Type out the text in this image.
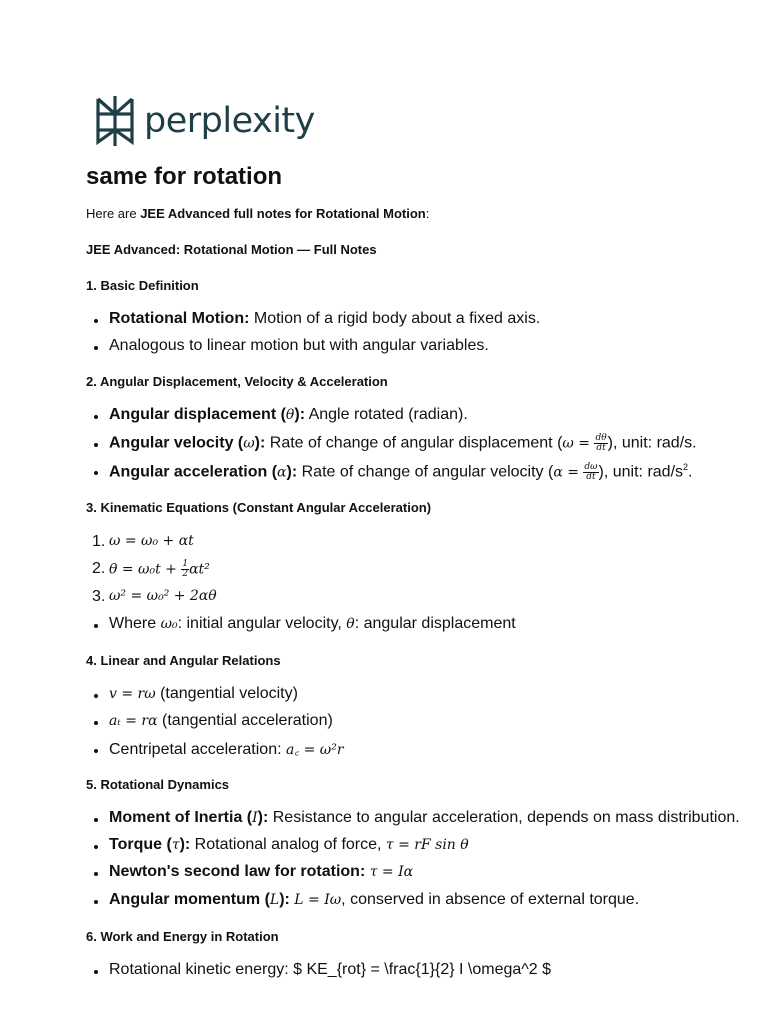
perplexity
same for rotation

Here are JEE Advanced full notes for Rotational Motion:

JEE Advanced: Rotational Motion — Full Notes

1. Basic Definition

Rotational Motion: Motion of a rigid body about a fixed axis.
Analogous to linear motion but with angular variables.

2. Angular Displacement, Velocity & Acceleration

Angular displacement (θ): Angle rotated (radian).
Angular velocity (ω): Rate of change of angular displacement ($\omega = \frac{d\theta}{dt}$ ), unit: rad/s.
Angular acceleration (α): Rate of change of angular velocity ($\alpha = \frac{d\omega}{dt}$ ), unit: rad/$s^2$.

3. Kinematic Equations (Constant Angular Acceleration)

1. ω = ω₀ + αt
2. $\theta = \omega_0t + \frac{1}{2} \alpha t^2$
3. ω² = ω₀² + 2αθ
Where ω₀: initial angular velocity, θ: angular displacement

4. Linear and Angular Relations

v = rω (tangential velocity)
aₜ = rα (tangential acceleration)
Centripetal acceleration: a꜀ = ω²r

5. Rotational Dynamics

Moment of Inertia (I): Resistance to angular acceleration, depends on mass distribution.
Torque (τ): Rotational analog of force, τ = rF sin θ
Newton's second law for rotation: τ = Iα
Angular momentum (L): L = Iω, conserved in absence of external torque.

6. Work and Energy in Rotation

Rotational kinetic energy: $ KE_{rot} = \frac{1}{2} I \omega^2 $
